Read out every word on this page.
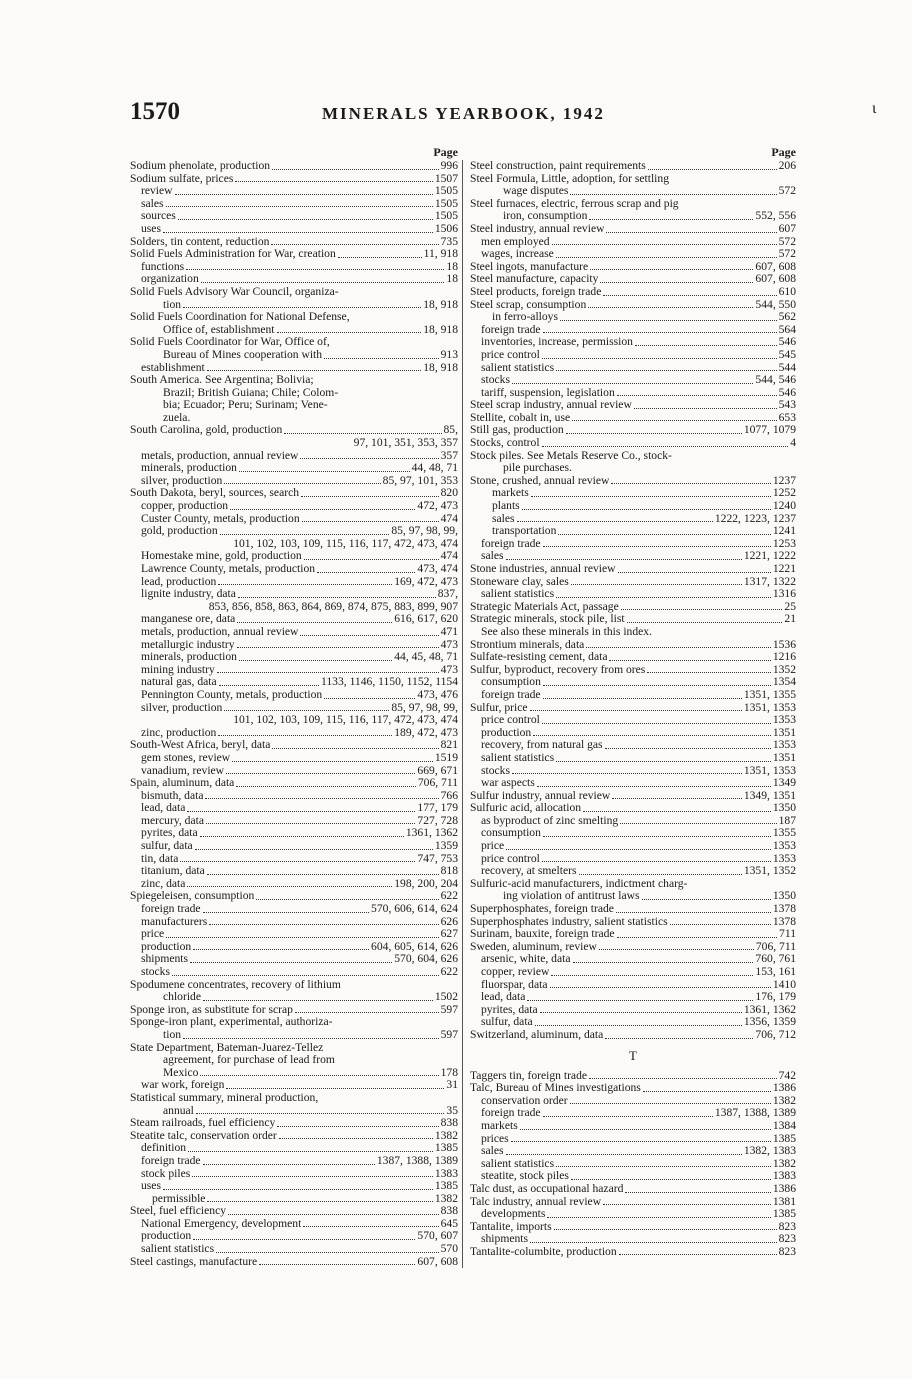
1570	MINERALS YEARBOOK, 1942	ι
Page
Sodium phenolate, production	996
Sodium sulfate, prices	1507
review	1505
sales	1505
sources	1505
uses	1506
Solders, tin content, reduction	735
Solid Fuels Administration for War, creation	11, 918
functions	18
organization	18
Solid Fuels Advisory War Council, organiza-
tion	18, 918
Solid Fuels Coordination for National Defense,
Office of, establishment	18, 918
Solid Fuels Coordinator for War, Office of,
Bureau of Mines cooperation with	913
establishment	18, 918
South America. See Argentina; Bolivia;
Brazil; British Guiana; Chile; Colom-
bia; Ecuador; Peru; Surinam; Vene-
zuela.
South Carolina, gold, production	85,
97, 101, 351, 353, 357
metals, production, annual review	357
minerals, production	44, 48, 71
silver, production	85, 97, 101, 353
South Dakota, beryl, sources, search	820
copper, production	472, 473
Custer County, metals, production	474
gold, production	85, 97, 98, 99,
101, 102, 103, 109, 115, 116, 117, 472, 473, 474
Homestake mine, gold, production	474
Lawrence County, metals, production	473, 474
lead, production	169, 472, 473
lignite industry, data	837,
853, 856, 858, 863, 864, 869, 874, 875, 883, 899, 907
manganese ore, data	616, 617, 620
metals, production, annual review	471
metallurgic industry	473
minerals, production	44, 45, 48, 71
mining industry	473
natural gas, data	1133, 1146, 1150, 1152, 1154
Pennington County, metals, production	473, 476
silver, production	85, 97, 98, 99,
101, 102, 103, 109, 115, 116, 117, 472, 473, 474
zinc, production	189, 472, 473
South-West Africa, beryl, data	821
gem stones, review	1519
vanadium, review	669, 671
Spain, aluminum, data	706, 711
bismuth, data	766
lead, data	177, 179
mercury, data	727, 728
pyrites, data	1361, 1362
sulfur, data	1359
tin, data	747, 753
titanium, data	818
zinc, data	198, 200, 204
Spiegeleisen, consumption	622
foreign trade	570, 606, 614, 624
manufacturers	626
price	627
production	604, 605, 614, 626
shipments	570, 604, 626
stocks	622
Spodumene concentrates, recovery of lithium
chloride	1502
Sponge iron, as substitute for scrap	597
Sponge-iron plant, experimental, authoriza-
tion	597
State Department, Bateman-Juarez-Tellez
agreement, for purchase of lead from
Mexico	178
war work, foreign	31
Statistical summary, mineral production,
annual	35
Steam railroads, fuel efficiency	838
Steatite talc, conservation order	1382
definition	1385
foreign trade	1387, 1388, 1389
stock piles	1383
uses	1385
permissible	1382
Steel, fuel efficiency	838
National Emergency, development	645
production	570, 607
salient statistics	570
Steel castings, manufacture	607, 608
Page
Steel construction, paint requirements	206
Steel Formula, Little, adoption, for settling
wage disputes	572
Steel furnaces, electric, ferrous scrap and pig
iron, consumption	552, 556
Steel industry, annual review	607
men employed	572
wages, increase	572
Steel ingots, manufacture	607, 608
Steel manufacture, capacity	607, 608
Steel products, foreign trade	610
Steel scrap, consumption	544, 550
in ferro-alloys	562
foreign trade	564
inventories, increase, permission	546
price control	545
salient statistics	544
stocks	544, 546
tariff, suspension, legislation	546
Steel scrap industry, annual review	543
Stellite, cobalt in, use	653
Still gas, production	1077, 1079
Stocks, control	4
Stock piles. See Metals Reserve Co., stock-
pile purchases.
Stone, crushed, annual review	1237
markets	1252
plants	1240
sales	1222, 1223, 1237
transportation	1241
foreign trade	1253
sales	1221, 1222
Stone industries, annual review	1221
Stoneware clay, sales	1317, 1322
salient statistics	1316
Strategic Materials Act, passage	25
Strategic minerals, stock pile, list	21
See also these minerals in this index.
Strontium minerals, data	1536
Sulfate-resisting cement, data	1216
Sulfur, byproduct, recovery from ores	1352
consumption	1354
foreign trade	1351, 1355
Sulfur, price	1351, 1353
price control	1353
production	1351
recovery, from natural gas	1353
salient statistics	1351
stocks	1351, 1353
war aspects	1349
Sulfur industry, annual review	1349, 1351
Sulfuric acid, allocation	1350
as byproduct of zinc smelting	187
consumption	1355
price	1353
price control	1353
recovery, at smelters	1351, 1352
Sulfuric-acid manufacturers, indictment charg-
ing violation of antitrust laws	1350
Superphosphates, foreign trade	1378
Superphosphates industry, salient statistics	1378
Surinam, bauxite, foreign trade	711
Sweden, aluminum, review	706, 711
arsenic, white, data	760, 761
copper, review	153, 161
fluorspar, data	1410
lead, data	176, 179
pyrites, data	1361, 1362
sulfur, data	1356, 1359
Switzerland, aluminum, data	706, 712
T
Taggers tin, foreign trade	742
Talc, Bureau of Mines investigations	1386
conservation order	1382
foreign trade	1387, 1388, 1389
markets	1384
prices	1385
sales	1382, 1383
salient statistics	1382
steatite, stock piles	1383
Talc dust, as occupational hazard	1386
Talc industry, annual review	1381
developments	1385
Tantalite, imports	823
shipments	823
Tantalite-columbite, production	823
